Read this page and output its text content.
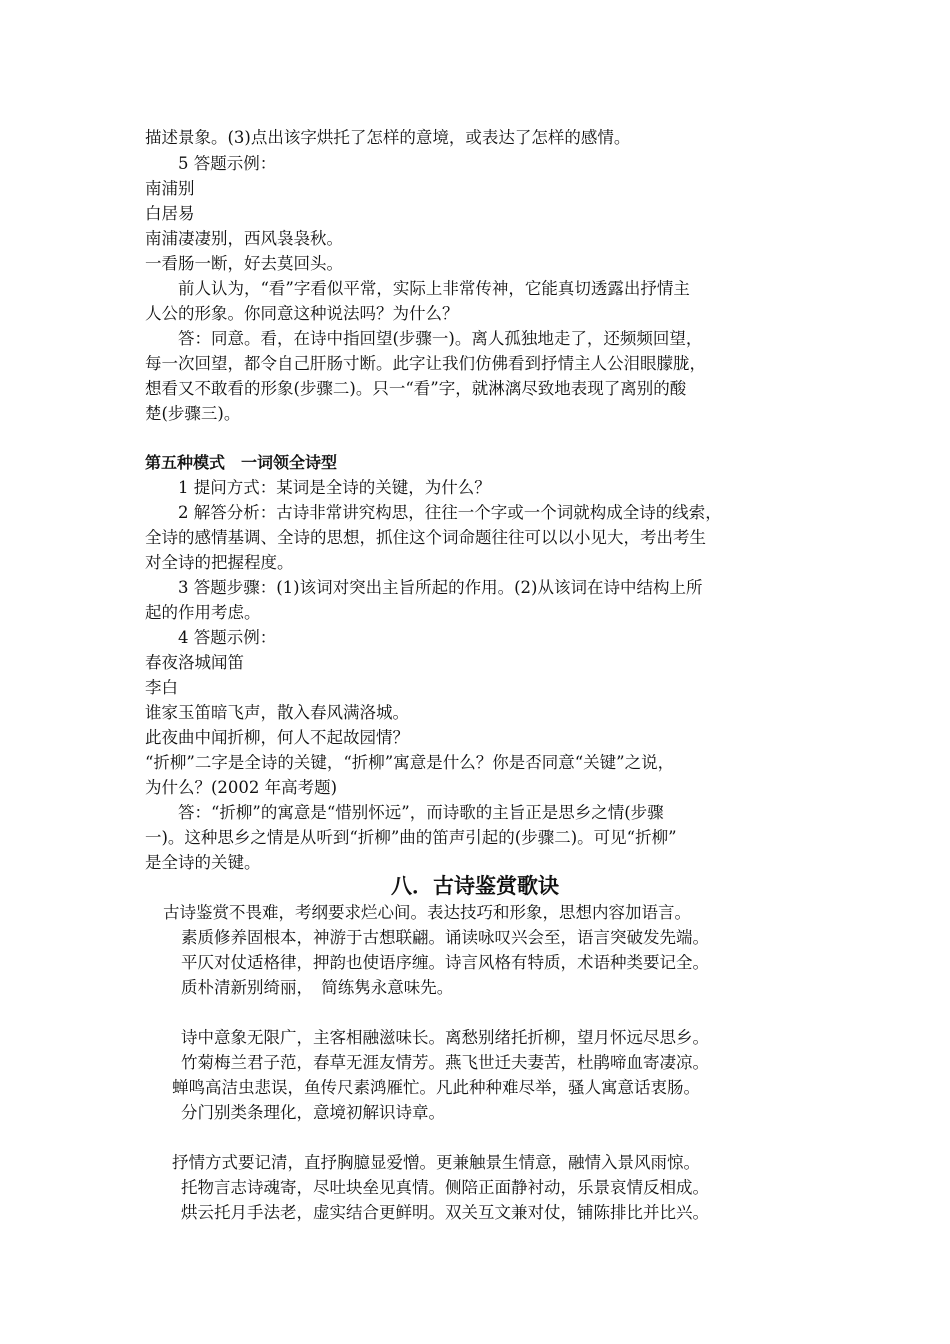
描述景象。(3)点出该字烘托了怎样的意境，或表达了怎样的感情。
5 答题示例：
南浦别
白居易
南浦凄凄别，西风袅袅秋。
一看肠一断，好去莫回头。
前人认为，“看”字看似平常，实际上非常传神，它能真切透露出抒情主
人公的形象。你同意这种说法吗？为什么？
答：同意。看，在诗中指回望(步骤一)。离人孤独地走了，还频频回望，
每一次回望，都令自己肝肠寸断。此字让我们仿佛看到抒情主人公泪眼朦胧，
想看又不敢看的形象(步骤二)。只一“看”字，就淋漓尽致地表现了离别的酸
楚(步骤三)。
第五种模式　一词领全诗型
1 提问方式：某词是全诗的关键，为什么？
2 解答分析：古诗非常讲究构思，往往一个字或一个词就构成全诗的线索，
全诗的感情基调、全诗的思想，抓住这个词命题往往可以以小见大，考出考生
对全诗的把握程度。
3 答题步骤：(1)该词对突出主旨所起的作用。(2)从该词在诗中结构上所
起的作用考虑。
4 答题示例：
春夜洛城闻笛
李白
谁家玉笛暗飞声，散入春风满洛城。
此夜曲中闻折柳，何人不起故园情？
“折柳”二字是全诗的关键，“折柳”寓意是什么？你是否同意“关键”之说，
为什么？(2002 年高考题)
答：“折柳”的寓意是“惜别怀远”，而诗歌的主旨正是思乡之情(步骤
一)。这种思乡之情是从听到“折柳”曲的笛声引起的(步骤二)。可见“折柳”
是全诗的关键。
八．古诗鉴赏歌诀
古诗鉴赏不畏难，考纲要求烂心间。表达技巧和形象，思想内容加语言。
素质修养固根本，神游于古想联翩。诵读咏叹兴会至，语言突破发先端。
平仄对仗适格律，押韵也使语序缠。诗言风格有特质，术语种类要记全。
质朴清新别绮丽，　简练隽永意味先。
诗中意象无限广，主客相融滋味长。离愁别绪托折柳，望月怀远尽思乡。
竹菊梅兰君子范，春草无涯友情芳。燕飞世迁夫妻苦，杜鹃啼血寄凄凉。
蝉鸣高洁虫悲误，鱼传尺素鸿雁忙。凡此种种难尽举，骚人寓意话衷肠。
分门别类条理化，意境初解识诗章。
抒情方式要记清，直抒胸臆显爱憎。更兼触景生情意，融情入景风雨惊。
托物言志诗魂寄，尽吐块垒见真情。侧陪正面静衬动，乐景哀情反相成。
烘云托月手法老，虚实结合更鲜明。双关互文兼对仗，铺陈排比并比兴。
